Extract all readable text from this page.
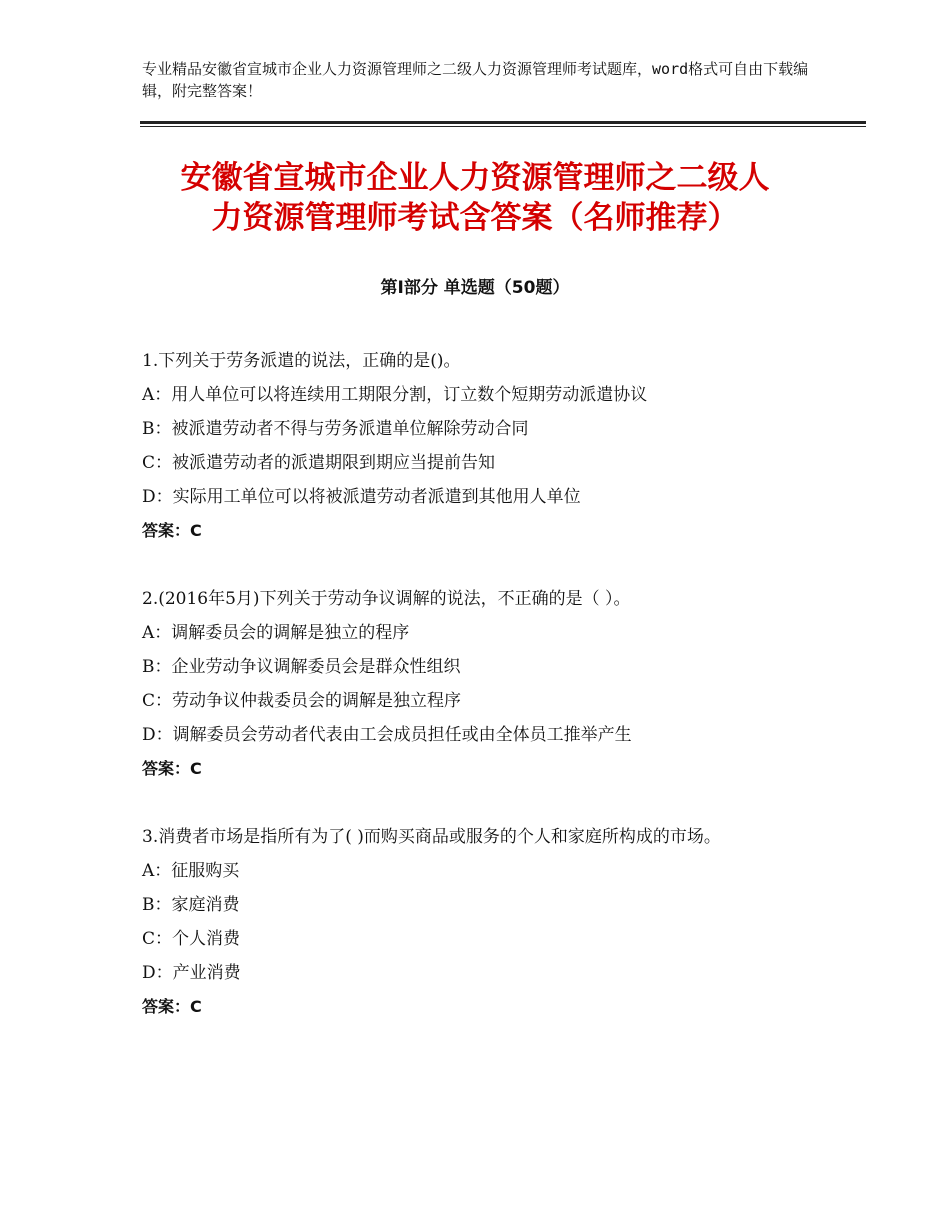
专业精品安徽省宣城市企业人力资源管理师之二级人力资源管理师考试题库，word格式可自由下载编辑，附完整答案！

安徽省宣城市企业人力资源管理师之二级人
力资源管理师考试含答案（名师推荐）
第Ⅰ部分 单选题（50题）

1.下列关于劳务派遣的说法，正确的是()。

A：用人单位可以将连续用工期限分割，订立数个短期劳动派遣协议

B：被派遣劳动者不得与劳务派遣单位解除劳动合同

C：被派遣劳动者的派遣期限到期应当提前告知

D：实际用工单位可以将被派遣劳动者派遣到其他用人单位

答案：C

2.(2016年5月)下列关于劳动争议调解的说法，不正确的是（ ）。

A：调解委员会的调解是独立的程序

B：企业劳动争议调解委员会是群众性组织

C：劳动争议仲裁委员会的调解是独立程序

D：调解委员会劳动者代表由工会成员担任或由全体员工推举产生

答案：C

3.消费者市场是指所有为了( )而购买商品或服务的个人和家庭所构成的市场。

A：征服购买

B：家庭消费

C：个人消费

D：产业消费

答案：C
